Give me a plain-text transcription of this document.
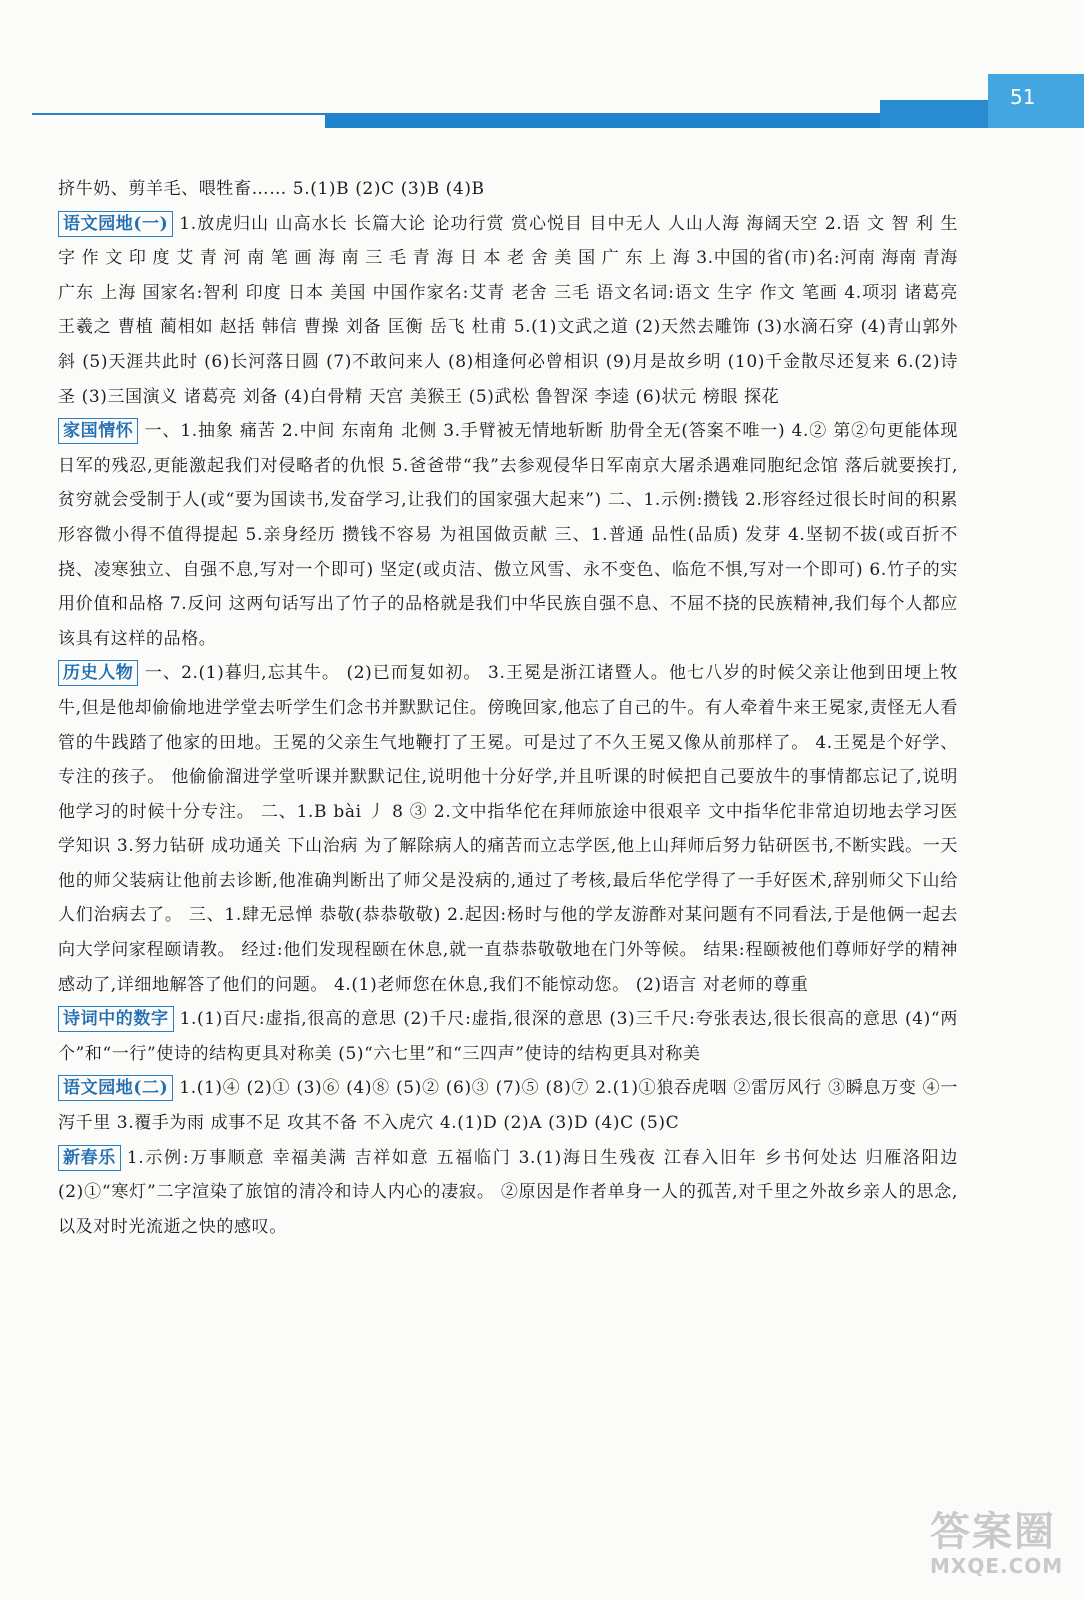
51

挤牛奶、剪羊毛、喂牲畜…… 5.(1)B (2)C (3)B (4)B

语文园地(一) 1.放虎归山 山高水长 长篇大论 论功行赏 赏心悦目 目中无人 人山人海 海阔天空 2.语 文 智 利 生 字 作 文 印 度 艾 青 河 南 笔 画 海 南 三 毛 青 海 日 本 老 舍 美 国 广 东 上 海 3.中国的省(市)名:河南 海南 青海 广东 上海 国家名:智利 印度 日本 美国 中国作家名:艾青 老舍 三毛 语文名词:语文 生字 作文 笔画 4.项羽 诸葛亮 王羲之 曹植 蔺相如 赵括 韩信 曹操 刘备 匡衡 岳飞 杜甫 5.(1)文武之道 (2)天然去雕饰 (3)水滴石穿 (4)青山郭外斜 (5)天涯共此时 (6)长河落日圆 (7)不敢问来人 (8)相逢何必曾相识 (9)月是故乡明 (10)千金散尽还复来 6.(2)诗圣 (3)三国演义 诸葛亮 刘备 (4)白骨精 天宫 美猴王 (5)武松 鲁智深 李逵 (6)状元 榜眼 探花

家国情怀 一、1.抽象 痛苦 2.中间 东南角 北侧 3.手臂被无情地斩断 肋骨全无(答案不唯一) 4.② 第②句更能体现日军的残忍,更能激起我们对侵略者的仇恨 5.爸爸带“我”去参观侵华日军南京大屠杀遇难同胞纪念馆 落后就要挨打,贫穷就会受制于人(或“要为国读书,发奋学习,让我们的国家强大起来”) 二、1.示例:攒钱 2.形容经过很长时间的积累 形容微小得不值得提起 5.亲身经历 攒钱不容易 为祖国做贡献 三、1.普通 品性(品质) 发芽 4.坚韧不拔(或百折不挠、凌寒独立、自强不息,写对一个即可) 坚定(或贞洁、傲立风雪、永不变色、临危不惧,写对一个即可) 6.竹子的实用价值和品格 7.反问 这两句话写出了竹子的品格就是我们中华民族自强不息、不屈不挠的民族精神,我们每个人都应该具有这样的品格。

历史人物 一、2.(1)暮归,忘其牛。 (2)已而复如初。 3.王冕是浙江诸暨人。他七八岁的时候父亲让他到田埂上牧牛,但是他却偷偷地进学堂去听学生们念书并默默记住。傍晚回家,他忘了自己的牛。有人牵着牛来王冕家,责怪无人看管的牛践踏了他家的田地。王冕的父亲生气地鞭打了王冕。可是过了不久王冕又像从前那样了。 4.王冕是个好学、专注的孩子。 他偷偷溜进学堂听课并默默记住,说明他十分好学,并且听课的时候把自己要放牛的事情都忘记了,说明他学习的时候十分专注。 二、1.B bài 丿 8 ③ 2.文中指华佗在拜师旅途中很艰辛 文中指华佗非常迫切地去学习医学知识 3.努力钻研 成功通关 下山治病 为了解除病人的痛苦而立志学医,他上山拜师后努力钻研医书,不断实践。一天他的师父装病让他前去诊断,他准确判断出了师父是没病的,通过了考核,最后华佗学得了一手好医术,辞别师父下山给人们治病去了。 三、1.肆无忌惮 恭敬(恭恭敬敬) 2.起因:杨时与他的学友游酢对某问题有不同看法,于是他俩一起去向大学问家程颐请教。 经过:他们发现程颐在休息,就一直恭恭敬敬地在门外等候。 结果:程颐被他们尊师好学的精神感动了,详细地解答了他们的问题。 4.(1)老师您在休息,我们不能惊动您。 (2)语言 对老师的尊重

诗词中的数字 1.(1)百尺:虚指,很高的意思 (2)千尺:虚指,很深的意思 (3)三千尺:夸张表达,很长很高的意思 (4)“两个”和“一行”使诗的结构更具对称美 (5)“六七里”和“三四声”使诗的结构更具对称美

语文园地(二) 1.(1)④ (2)① (3)⑥ (4)⑧ (5)② (6)③ (7)⑤ (8)⑦ 2.(1)①狼吞虎咽 ②雷厉风行 ③瞬息万变 ④一泻千里 3.覆手为雨 成事不足 攻其不备 不入虎穴 4.(1)D (2)A (3)D (4)C (5)C

新春乐 1.示例:万事顺意 幸福美满 吉祥如意 五福临门 3.(1)海日生残夜 江春入旧年 乡书何处达 归雁洛阳边 (2)①“寒灯”二字渲染了旅馆的清冷和诗人内心的凄寂。 ②原因是作者单身一人的孤苦,对千里之外故乡亲人的思念,以及对时光流逝之快的感叹。

答案圈
MXQE.COM
